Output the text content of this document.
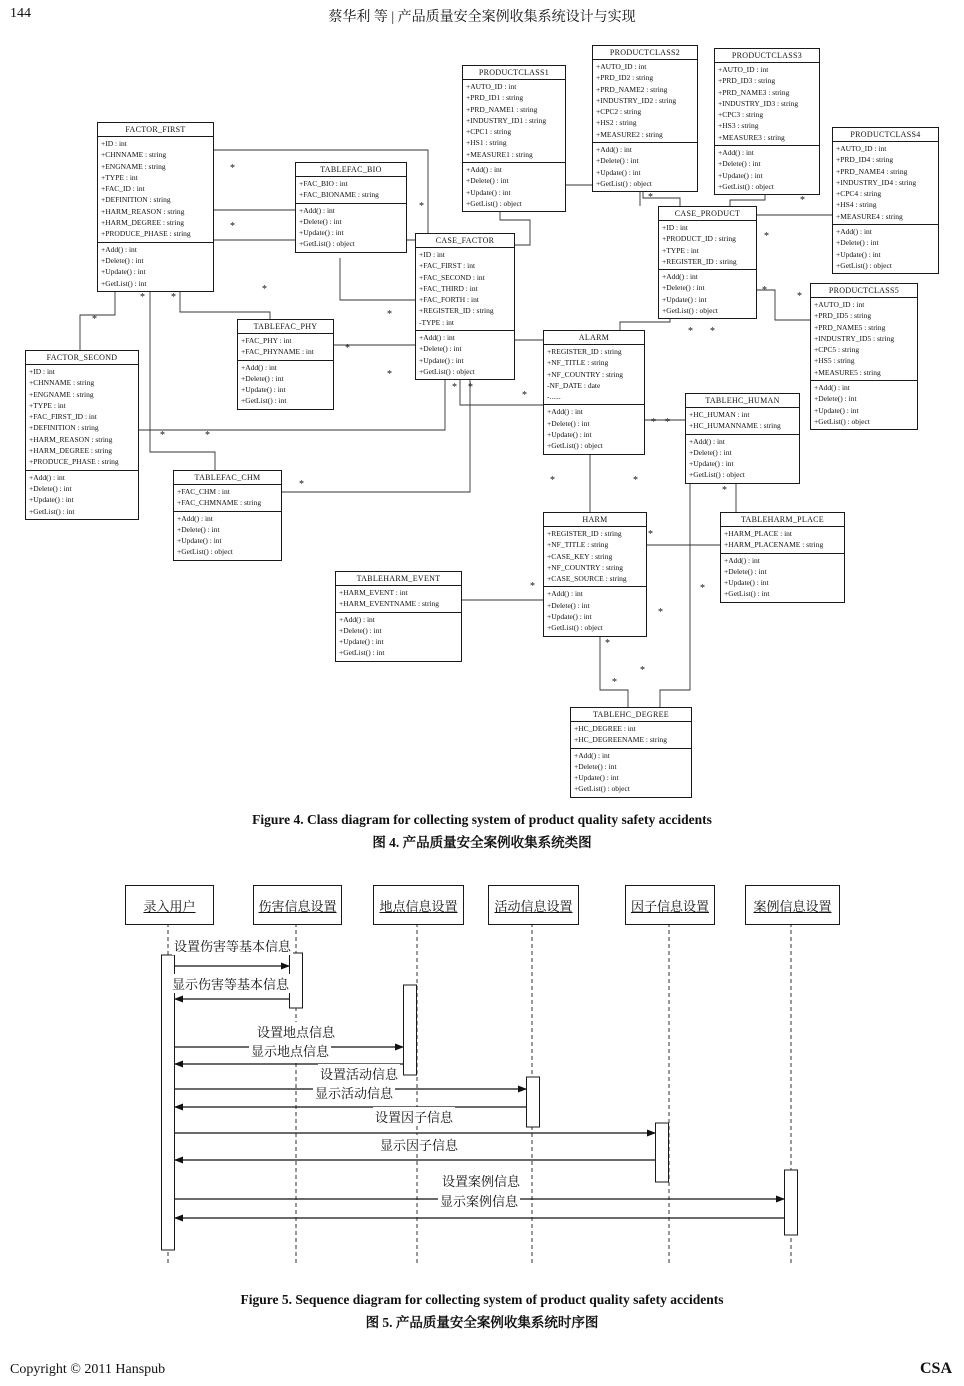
144	蔡华利 等 | 产品质量安全案例收集系统设计与实现
*
*
*
*
*	*
*
*
*
*
* *
*
*	*
*	*	*
* *
* *
*
*
*
*
*
*
*
*
*
*
*
*
*
FACTOR_FIRST
+ID : int
+CHNNAME : string
+ENGNAME : string
+TYPE : int
+FAC_ID : int
+DEFINITION : string
+HARM_REASON : string
+HARM_DEGREE : string
+PRODUCE_PHASE : string
+Add() : int
+Delete() : int
+Update() : int
+GetList() : int
TABLEFAC_BIO
+FAC_BIO : int
+FAC_BIONAME : string
+Add() : int
+Delete() : int
+Update() : int
+GetList() : object
PRODUCTCLASS1
+AUTO_ID : int
+PRD_ID1 : string
+PRD_NAME1 : string
+INDUSTRY_ID1 : string
+CPC1 : string
+HS1 : string
+MEASURE1 : string
+Add() : int
+Delete() : int
+Update() : int
+GetList() : object
PRODUCTCLASS2
+AUTO_ID : int
+PRD_ID2 : string
+PRD_NAME2 : string
+INDUSTRY_ID2 : string
+CPC2 : string
+HS2 : string
+MEASURE2 : string
+Add() : int
+Delete() : int
+Update() : int
+GetList() : object
PRODUCTCLASS3
+AUTO_ID : int
+PRD_ID3 : string
+PRD_NAME3 : string
+INDUSTRY_ID3 : string
+CPC3 : string
+HS3 : string
+MEASURE3 : string
+Add() : int
+Delete() : int
+Update() : int
+GetList() : object
PRODUCTCLASS4
+AUTO_ID : int
+PRD_ID4 : string
+PRD_NAME4 : string
+INDUSTRY_ID4 : string
+CPC4 : string
+HS4 : string
+MEASURE4 : string
+Add() : int
+Delete() : int
+Update() : int
+GetList() : object
PRODUCTCLASS5
+AUTO_ID : int
+PRD_ID5 : string
+PRD_NAME5 : string
+INDUSTRY_ID5 : string
+CPC5 : string
+HS5 : string
+MEASURE5 : string
+Add() : int
+Delete() : int
+Update() : int
+GetList() : object
CASE_PRODUCT
+ID : int
+PRODUCT_ID : string
+TYPE : int
+REGISTER_ID : string
+Add() : int
+Delete() : int
+Update() : int
+GetList() : object
CASE_FACTOR
+ID : int
+FAC_FIRST : int
+FAC_SECOND : int
+FAC_THIRD : int
+FAC_FORTH : int
+REGISTER_ID : string
-TYPE : int
+Add() : int
+Delete() : int
+Update() : int
+GetList() : object
TABLEFAC_PHY
+FAC_PHY : int
+FAC_PHYNAME : int
+Add() : int
+Delete() : int
+Update() : int
+GetList() : int
FACTOR_SECOND
+ID : int
+CHNNAME : string
+ENGNAME : string
+TYPE : int
+FAC_FIRST_ID : int
+DEFINITION : string
+HARM_REASON : string
+HARM_DEGREE : string
+PRODUCE_PHASE : string
+Add() : int
+Delete() : int
+Update() : int
+GetList() : int
ALARM
+REGISTER_ID : string
+NF_TITLE : string
+NF_COUNTRY : string
-NF_DATE : date
-......
+Add() : int
+Delete() : int
+Update() : int
+GetList() : object
TABLEHC_HUMAN
+HC_HUMAN : int
+HC_HUMANNAME : string
+Add() : int
+Delete() : int
+Update() : int
+GetList() : object
TABLEFAC_CHM
+FAC_CHM : int
+FAC_CHMNAME : string
+Add() : int
+Delete() : int
+Update() : int
+GetList() : object
HARM
+REGISTER_ID : string
+NF_TITLE : string
+CASE_KEY : string
+NF_COUNTRY : string
+CASE_SOURCE : string
+Add() : int
+Delete() : int
+Update() : int
+GetList() : object
TABLEHARM_PLACE
+HARM_PLACE : int
+HARM_PLACENAME : string
+Add() : int
+Delete() : int
+Update() : int
+GetList() : int
TABLEHARM_EVENT
+HARM_EVENT : int
+HARM_EVENTNAME : string
+Add() : int
+Delete() : int
+Update() : int
+GetList() : int
TABLEHC_DEGREE
+HC_DEGREE : int
+HC_DEGREENAME : string
+Add() : int
+Delete() : int
+Update() : int
+GetList() : object
Figure 4. Class diagram for collecting system of product quality safety accidents
图 4. 产品质量安全案例收集系统类图
录入用户	伤害信息设置	地点信息设置	活动信息设置	因子信息设置	案例信息设置
设置伤害等基本信息
显示伤害等基本信息
设置地点信息
显示地点信息
设置活动信息
显示活动信息
设置因子信息
显示因子信息
设置案例信息
显示案例信息
Figure 5. Sequence diagram for collecting system of product quality safety accidents
图 5. 产品质量安全案例收集系统时序图
Copyright © 2011 Hanspub	CSA
